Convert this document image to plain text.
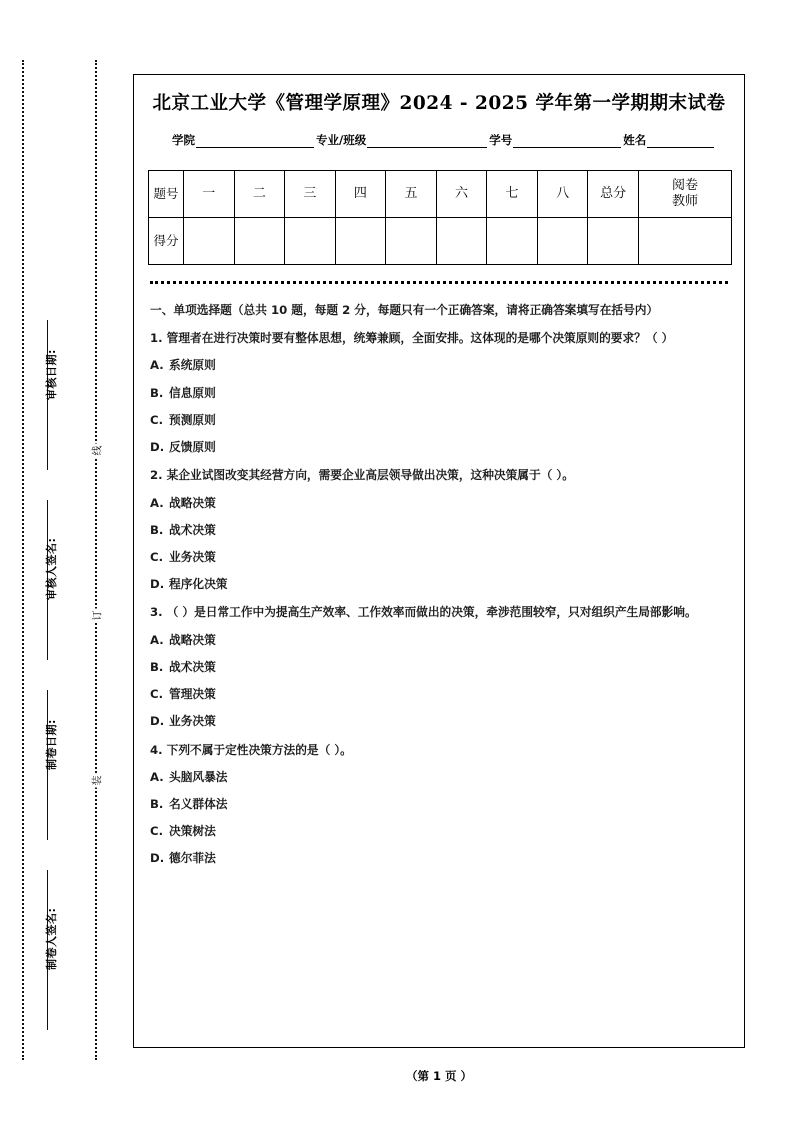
线
订
装
审核日期:
审核人签名:
制卷日期:
制卷人签名:
北京工业大学《管理学原理》2024 - 2025 学年第一学期期末试卷
学院	专业/班级	学号	姓名
题号	一	二	三	四	五	六	七	八	总分	阅卷
教师

得分										
一、单项选择题（总共 10 题，每题 2 分，每题只有一个正确答案，请将正确答案填写在括号内）
1. 管理者在进行决策时要有整体思想，统筹兼顾，全面安排。这体现的是哪个决策原则的要求？（ ）
A. 系统原则
B. 信息原则
C. 预测原则
D. 反馈原则
2. 某企业试图改变其经营方向，需要企业高层领导做出决策，这种决策属于（ ）。
A. 战略决策
B. 战术决策
C. 业务决策
D. 程序化决策
3. （ ）是日常工作中为提高生产效率、工作效率而做出的决策，牵涉范围较窄，只对组织产生局部影响。
A. 战略决策
B. 战术决策
C. 管理决策
D. 业务决策
4. 下列不属于定性决策方法的是（ ）。
A. 头脑风暴法
B. 名义群体法
C. 决策树法
D. 德尔菲法
（第 1 页 ）
